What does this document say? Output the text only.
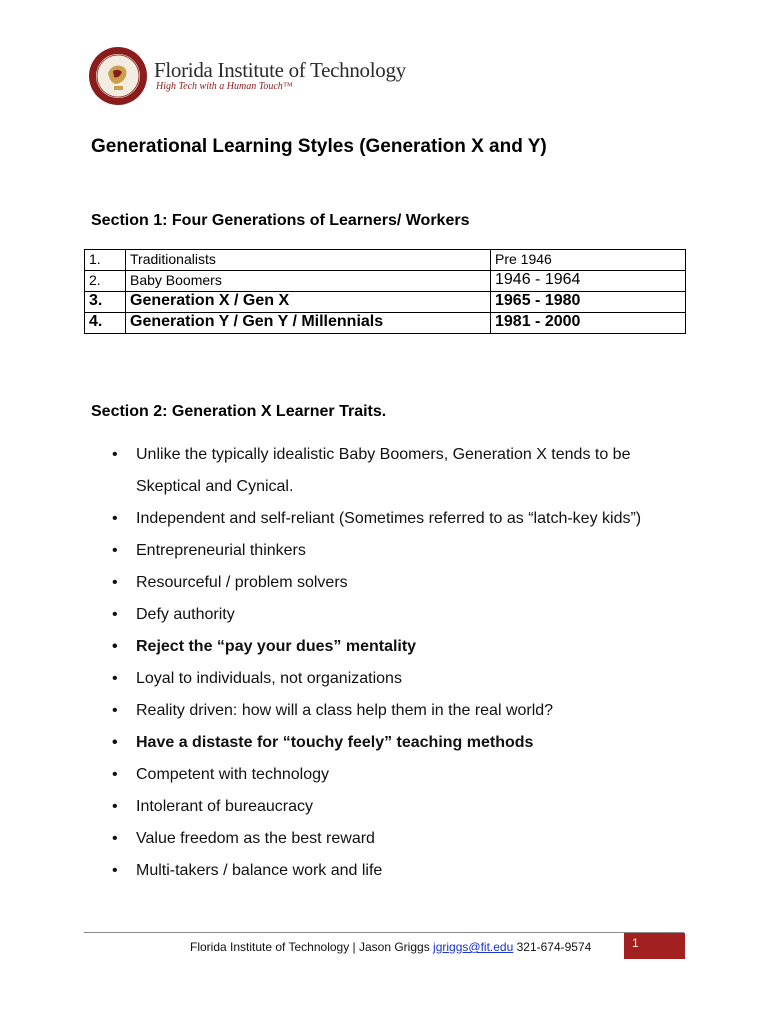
Florida Institute of Technology
High Tech with a Human Touch™
Generational Learning Styles (Generation X and Y)
Section 1: Four Generations of Learners/ Workers
1.	Traditionalists	Pre 1946
2.	Baby Boomers	1946 - 1964
3.	Generation X / Gen X	1965 - 1980
4.	Generation Y / Gen Y / Millennials	1981 - 2000
Section 2: Generation X Learner Traits.
• Unlike the typically idealistic Baby Boomers, Generation X tends to be Skeptical and Cynical.
• Independent and self-reliant (Sometimes referred to as “latch-key kids”)
• Entrepreneurial thinkers
• Resourceful / problem solvers
• Defy authority
• Reject the “pay your dues” mentality
• Loyal to individuals, not organizations
• Reality driven: how will a class help them in the real world?
• Have a distaste for “touchy feely” teaching methods
• Competent with technology
• Intolerant of bureaucracy
• Value freedom as the best reward
• Multi-takers / balance work and life
Florida Institute of Technology | Jason Griggs jgriggs@fit.edu 321-674-9574	1
